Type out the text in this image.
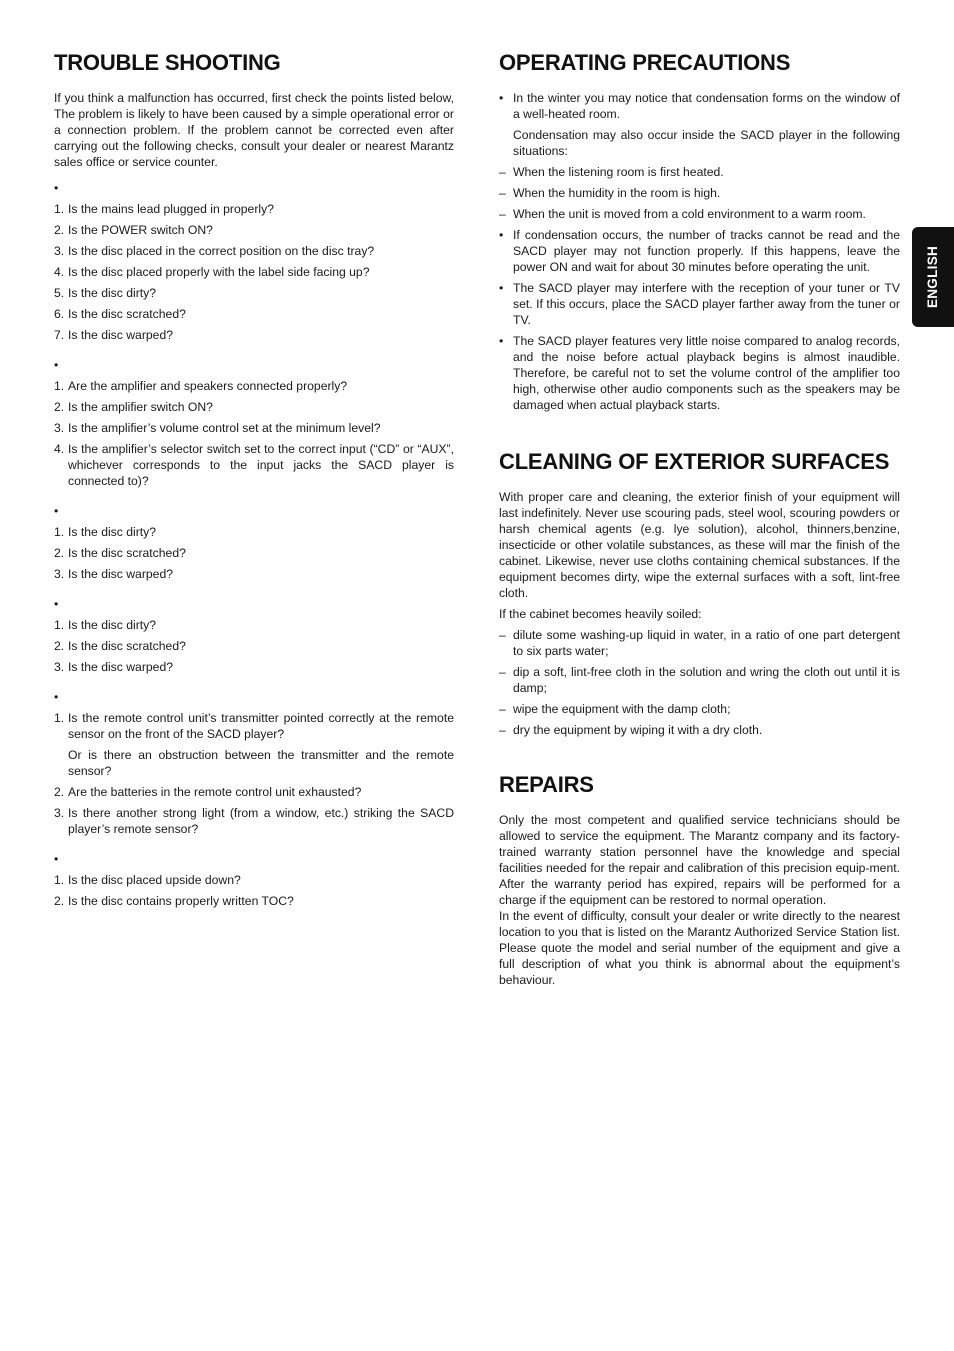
ENGLISH
TROUBLE SHOOTING

If you think a malfunction has occurred, first check the points listed below, The problem is likely to have been caused by a simple operational error or a connection problem. If the problem cannot be corrected even after carrying out the following checks, consult your dealer or nearest Marantz sales office or service counter.

•
1. Is the mains lead plugged in properly?
2. Is the POWER switch ON?
3. Is the disc placed in the correct position on the disc tray?
4. Is the disc placed properly with the label side facing up?
5. Is the disc dirty?
6. Is the disc scratched?
7. Is the disc warped?
•
1. Are the amplifier and speakers connected properly?
2. Is the amplifier switch ON?
3. Is the amplifier’s volume control set at the minimum level?
4. Is the amplifier’s selector switch set to the correct input (“CD” or “AUX”, whichever corresponds to the input jacks the SACD player is connected to)?
•
1. Is the disc dirty?
2. Is the disc scratched?
3. Is the disc warped?
•
1. Is the disc dirty?
2. Is the disc scratched?
3. Is the disc warped?
•
1. Is the remote control unit’s transmitter pointed correctly at the remote sensor on the front of the SACD player?
Or is there an obstruction between the transmitter and the remote sensor?
2. Are the batteries in the remote control unit exhausted?
3. Is there another strong light (from a window, etc.) striking the SACD player’s remote sensor?
•
1. Is the disc placed upside down?
2. Is the disc contains properly written TOC?
OPERATING PRECAUTIONS
• In the winter you may notice that condensation forms on the window of a well-heated room.
Condensation may also occur inside the SACD player in the following situations:
– When the listening room is first heated.
– When the humidity in the room is high.
– When the unit is moved from a cold environment to a warm room.
• If condensation occurs, the number of tracks cannot be read and the SACD player may not function properly. If this happens, leave the power ON and wait for about 30 minutes before operating the unit.
• The SACD player may interfere with the reception of your tuner or TV set. If this occurs, place the SACD player farther away from the tuner or TV.
• The SACD player features very little noise compared to analog records, and the noise before actual playback begins is almost inaudible. Therefore, be careful not to set the volume control of the amplifier too high, otherwise other audio components such as the speakers may be damaged when actual playback starts.
CLEANING OF EXTERIOR SURFACES

With proper care and cleaning, the exterior finish of your equipment will last indefinitely. Never use scouring pads, steel wool, scouring powders or harsh chemical agents (e.g. lye solution), alcohol, thinners,benzine, insecticide or other volatile substances, as these will mar the finish of the cabinet. Likewise, never use cloths containing chemical substances. If the equipment becomes dirty, wipe the external surfaces with a soft, lint-free cloth.

If the cabinet becomes heavily soiled:

– dilute some washing-up liquid in water, in a ratio of one part detergent to six parts water;
– dip a soft, lint-free cloth in the solution and wring the cloth out until it is damp;
– wipe the equipment with the damp cloth;
– dry the equipment by wiping it with a dry cloth.
REPAIRS

Only the most competent and qualified service technicians should be allowed to service the equipment. The Marantz company and its factory-trained warranty station personnel have the knowledge and special facilities needed for the repair and calibration of this precision equip-ment. After the warranty period has expired, repairs will be performed for a charge if the equipment can be restored to normal operation.

In the event of difficulty, consult your dealer or write directly to the nearest location to you that is listed on the Marantz Authorized Service Station list. Please quote the model and serial number of the equipment and give a full description of what you think is abnormal about the equipment’s behaviour.
